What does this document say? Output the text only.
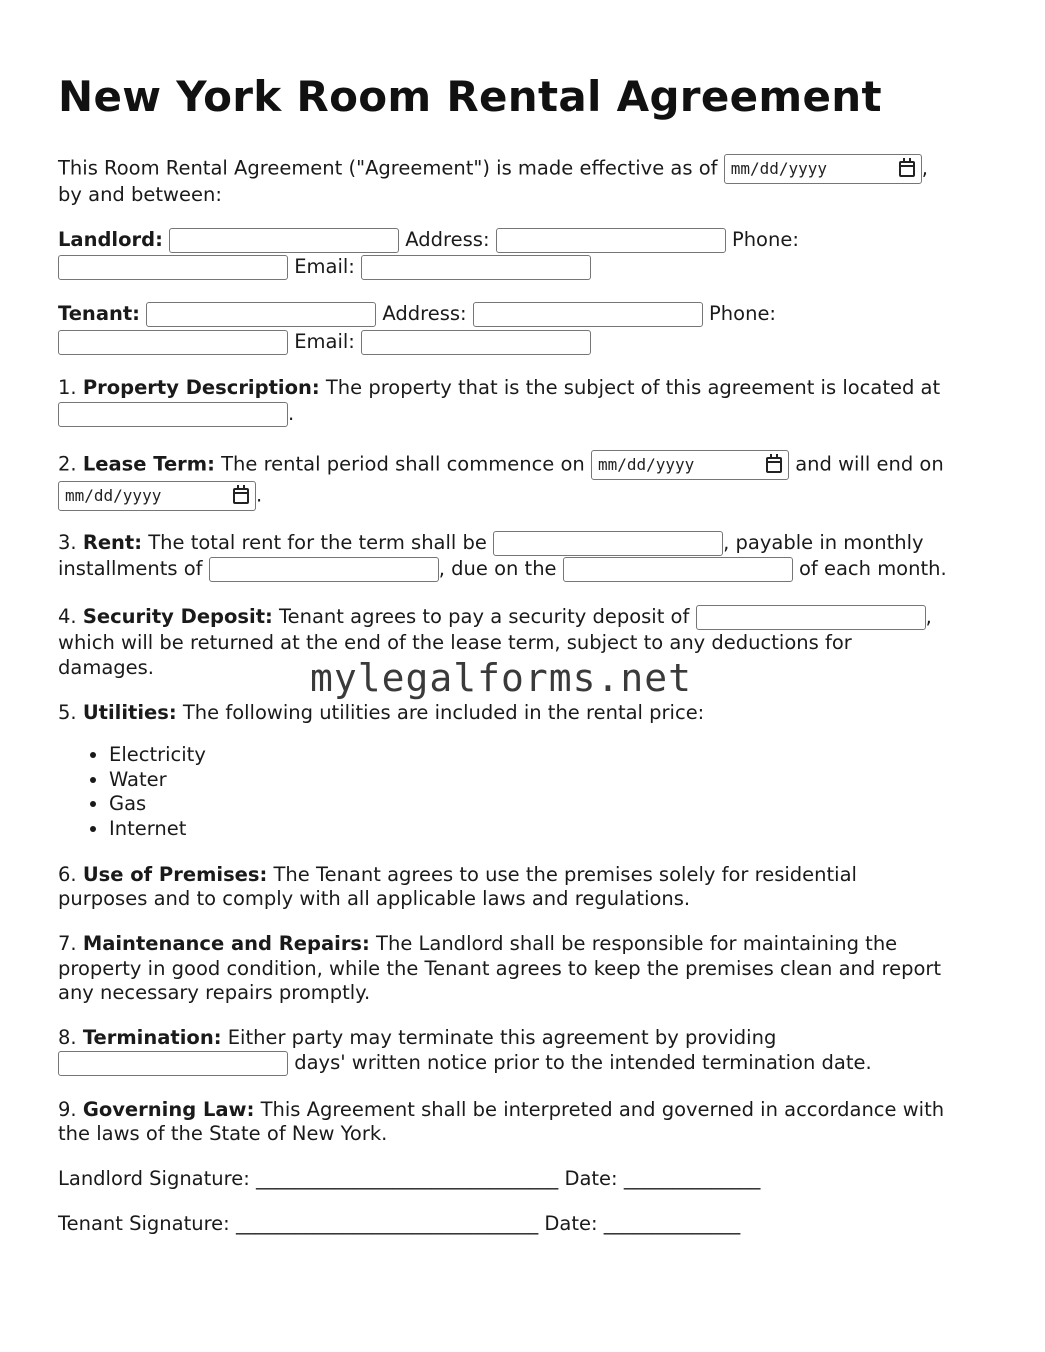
New York Room Rental Agreement
This Room Rental Agreement ("Agreement") is made effective as of mm/dd/yyyy	,
by and between:
Landlord:	Address:	Phone:
Email:
Tenant:	Address:	Phone:
Email:
1. Property Description: The property that is the subject of this agreement is located at
.
2. Lease Term: The rental period shall commence on mm/dd/yyyy	and will end on
mm/dd/yyyy	.
3. Rent: The total rent for the term shall be	, payable in monthly
installments of	, due on the	of each month.
4. Security Deposit: Tenant agrees to pay a security deposit of	,
which will be returned at the end of the lease term, subject to any deductions for
damages.
5. Utilities: The following utilities are included in the rental price:
• Electricity
• Water
• Gas
• Internet
6. Use of Premises: The Tenant agrees to use the premises solely for residential
purposes and to comply with all applicable laws and regulations.
7. Maintenance and Repairs: The Landlord shall be responsible for maintaining the
property in good condition, while the Tenant agrees to keep the premises clean and report
any necessary repairs promptly.
8. Termination: Either party may terminate this agreement by providing
days' written notice prior to the intended termination date.
9. Governing Law: This Agreement shall be interpreted and governed in accordance with
the laws of the State of New York.
Landlord Signature: _______________________________ Date: ______________
Tenant Signature: _______________________________ Date: ______________
mylegalforms.net
